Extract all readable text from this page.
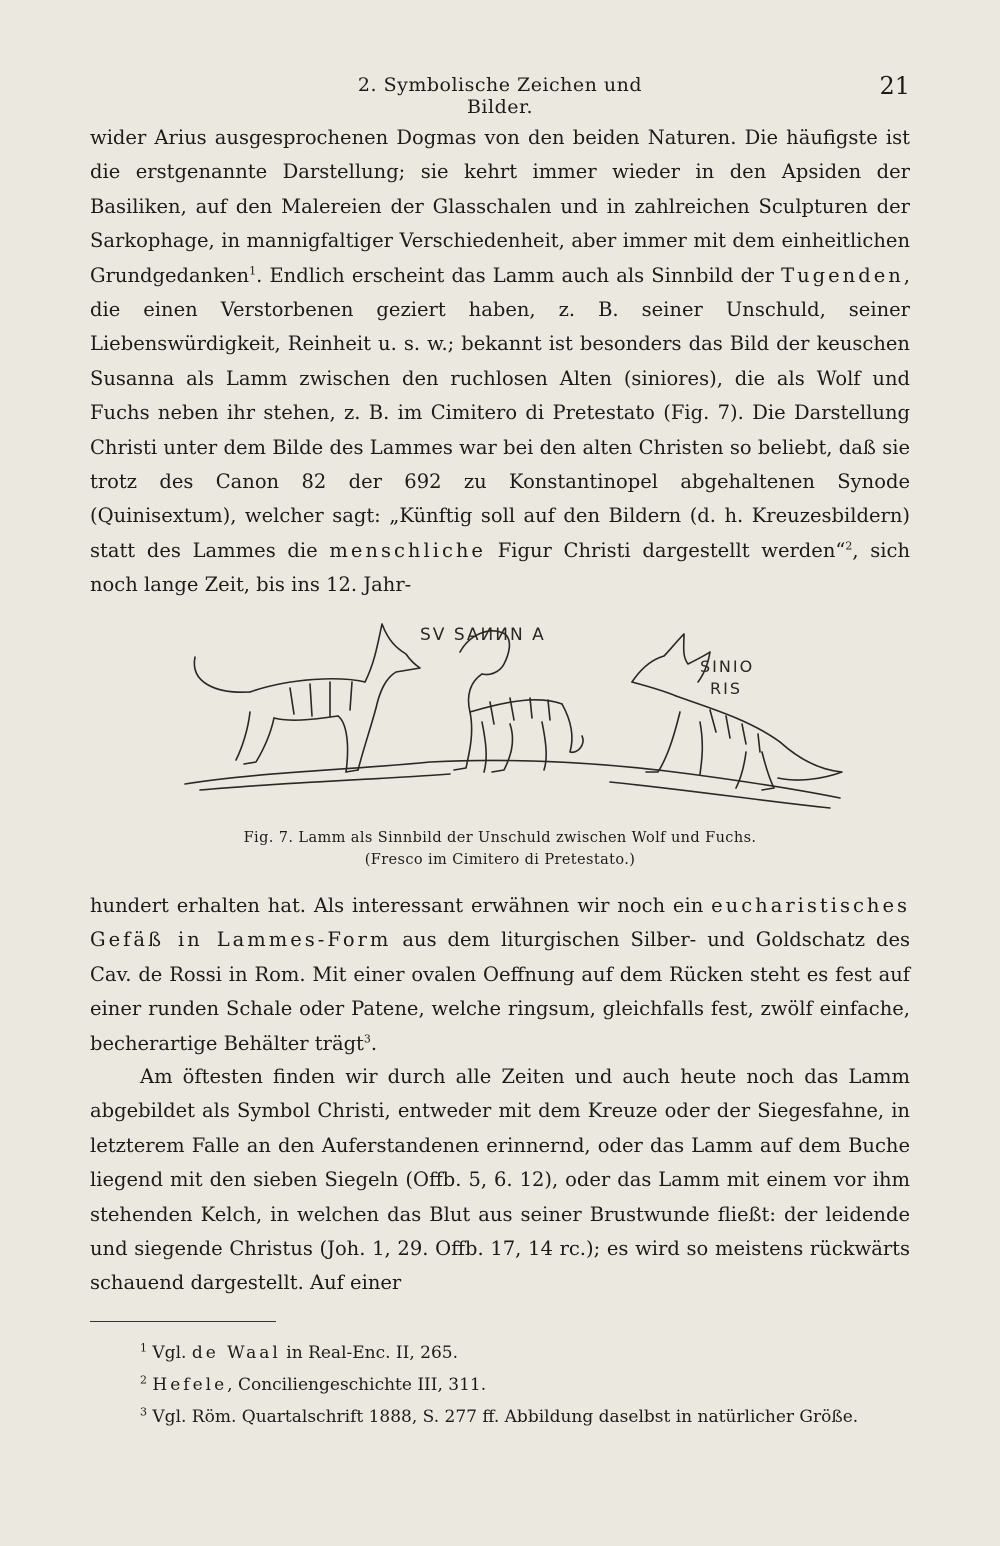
2. Symbolische Zeichen und Bilder.
21

wider Arius ausgesprochenen Dogmas von den beiden Naturen. Die häufigste ist die erstgenannte Darstellung; sie kehrt immer wieder in den Apsiden der Basiliken, auf den Malereien der Glasschalen und in zahlreichen Sculpturen der Sarkophage, in mannigfaltiger Verschiedenheit, aber immer mit dem einheitlichen Grundgedanken$^1$. Endlich erscheint das Lamm auch als Sinnbild der Tugenden, die einen Verstorbenen geziert haben, z. B. seiner Unschuld, seiner Liebenswürdigkeit, Reinheit u. s. w.; bekannt ist besonders das Bild der keuschen Susanna als Lamm zwischen den ruchlosen Alten (siniores), die als Wolf und Fuchs neben ihr stehen, z. B. im Cimitero di Pretestato (Fig. 7). Die Darstellung Christi unter dem Bilde des Lammes war bei den alten Christen so beliebt, daß sie trotz des Canon 82 der 692 zu Konstantinopel abgehaltenen Synode (Quinisextum), welcher sagt: „Künftig soll auf den Bildern (d. h. Kreuzesbildern) statt des Lammes die menschliche Figur Christi dargestellt werden“$^2$, sich noch lange Zeit, bis ins 12. Jahr-

SV SAИИN A
SINIO
RIS
Fig. 7. Lamm als Sinnbild der Unschuld zwischen Wolf und Fuchs.
(Fresco im Cimitero di Pretestato.)

hundert erhalten hat. Als interessant erwähnen wir noch ein eucharistisches Gefäß in Lammes-Form aus dem liturgischen Silber- und Goldschatz des Cav. de Rossi in Rom. Mit einer ovalen Oeffnung auf dem Rücken steht es fest auf einer runden Schale oder Patene, welche ringsum, gleichfalls fest, zwölf einfache, becherartige Behälter trägt$^3$.

Am öftesten finden wir durch alle Zeiten und auch heute noch das Lamm abgebildet als Symbol Christi, entweder mit dem Kreuze oder der Siegesfahne, in letzterem Falle an den Auferstandenen erinnernd, oder das Lamm auf dem Buche liegend mit den sieben Siegeln (Offb. 5, 6. 12), oder das Lamm mit einem vor ihm stehenden Kelch, in welchen das Blut aus seiner Brustwunde fließt: der leidende und siegende Christus (Joh. 1, 29. Offb. 17, 14 rc.); es wird so meistens rückwärts schauend dargestellt. Auf einer

$^1$ Vgl. de Waal in Real-Enc. II, 265.

$^2$ Hefele, Conciliengeschichte III, 311.

$^3$ Vgl. Röm. Quartalschrift 1888, S. 277 ff. Abbildung daselbst in natürlicher Größe.
